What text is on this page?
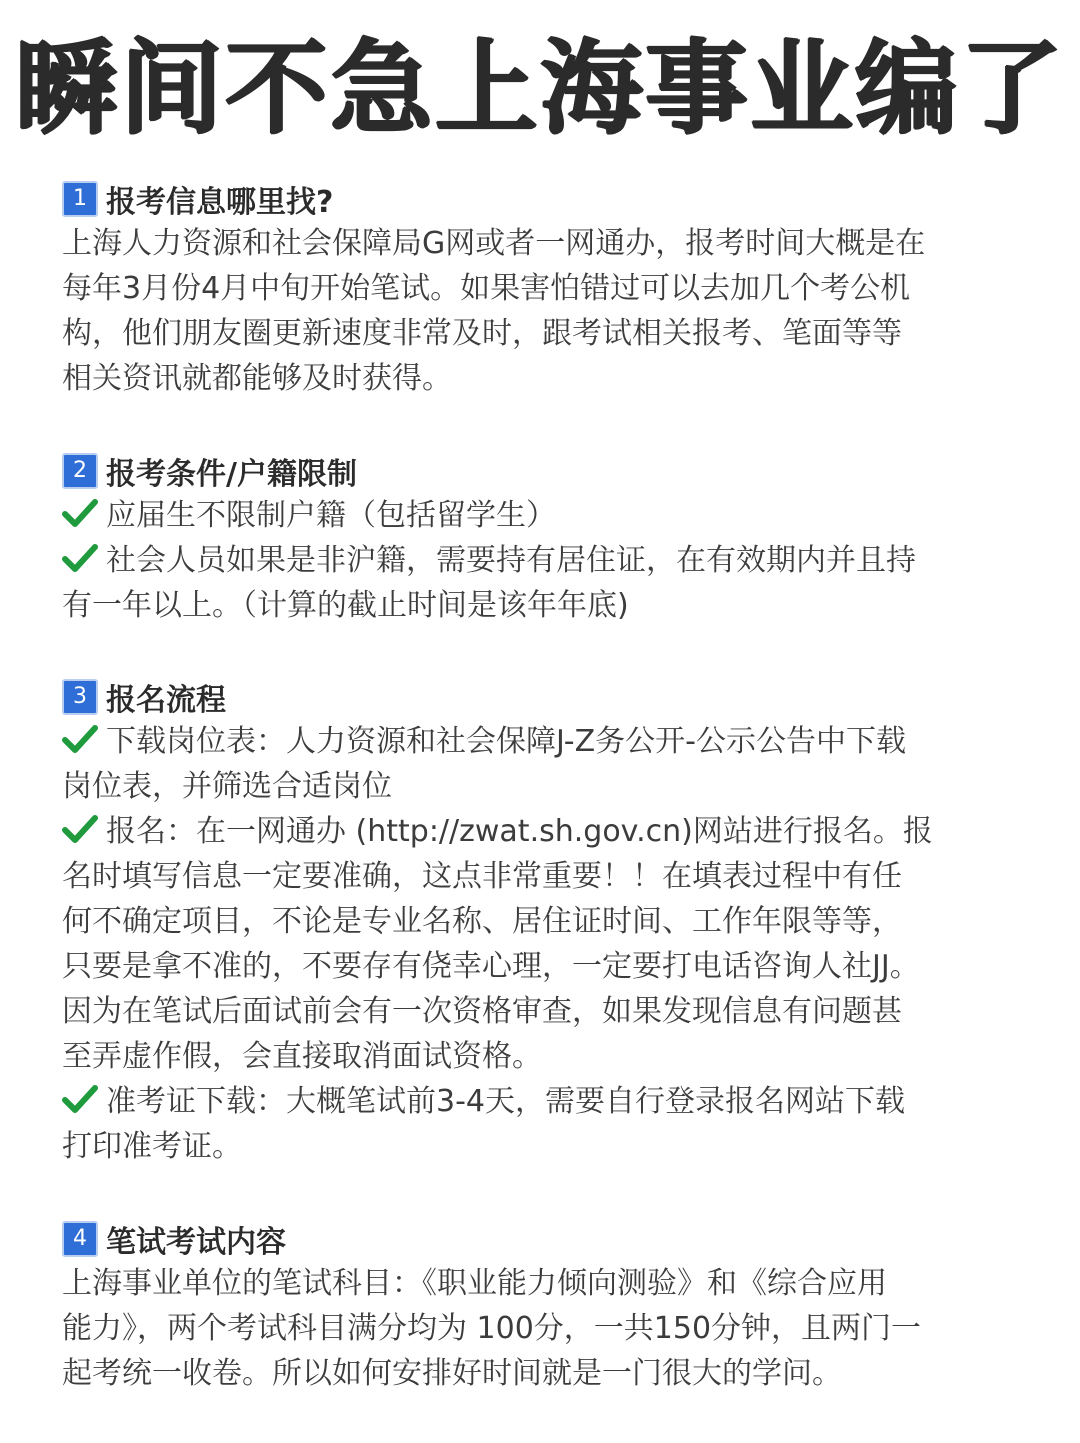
瞬间不急上海事业编了
1 报考信息哪里找?
上海人力资源和社会保障局G网或者一网通办，报考时间大概是在
每年3月份4月中旬开始笔试。如果害怕错过可以去加几个考公机
构，他们朋友圈更新速度非常及时，跟考试相关报考、笔面等等
相关资讯就都能够及时获得。
2 报考条件/户籍限制
应届生不限制户籍（包括留学生）
社会人员如果是非沪籍，需要持有居住证，在有效期内并且持
有一年以上。（计算的截止时间是该年年底)
3 报名流程
下载岗位表：人力资源和社会保障J-Z务公开-公示公告中下载
岗位表，并筛选合适岗位
报名：在一网通办 (http://zwat.sh.gov.cn)网站进行报名。报
名时填写信息一定要准确，这点非常重要！！在填表过程中有任
何不确定项目，不论是专业名称、居住证时间、工作年限等等，
只要是拿不准的，不要存有侥幸心理，一定要打电话咨询人社JJ。
因为在笔试后面试前会有一次资格审查，如果发现信息有问题甚
至弄虚作假，会直接取消面试资格。
准考证下载：大概笔试前3-4天，需要自行登录报名网站下载
打印准考证。
4 笔试考试内容
上海事业单位的笔试科目：《职业能力倾向测验》和《综合应用
能力》，两个考试科目满分均为 100分，一共150分钟，且两门一
起考统一收卷。所以如何安排好时间就是一门很大的学问。
